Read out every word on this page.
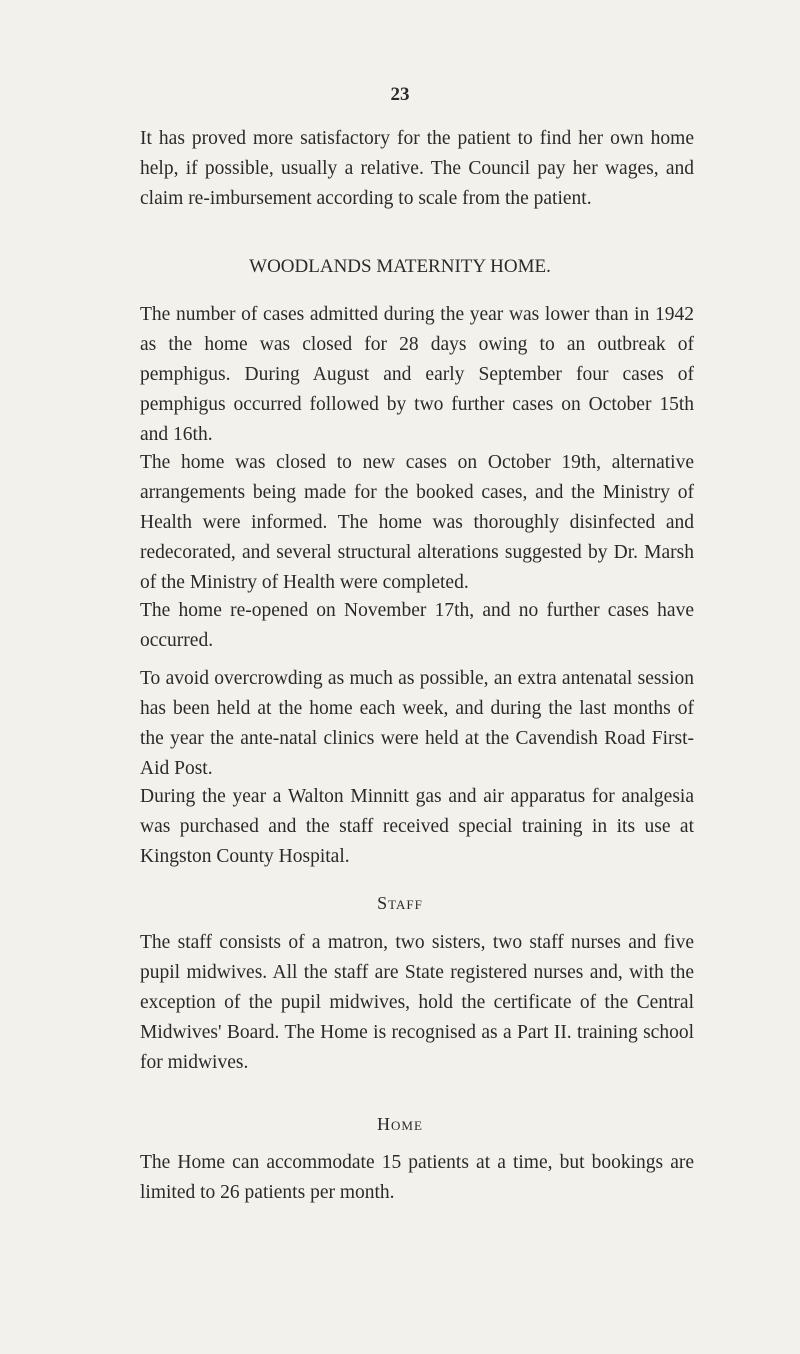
23

It has proved more satisfactory for the patient to find her own home help, if possible, usually a relative. The Council pay her wages, and claim re-imbursement according to scale from the patient.

WOODLANDS MATERNITY HOME.

The number of cases admitted during the year was lower than in 1942 as the home was closed for 28 days owing to an outbreak of pemphigus. During August and early September four cases of pemphigus occurred followed by two further cases on October 15th and 16th.

The home was closed to new cases on October 19th, alternative arrangements being made for the booked cases, and the Ministry of Health were informed. The home was thoroughly disinfected and redecorated, and several structural alterations suggested by Dr. Marsh of the Ministry of Health were completed.

The home re-opened on November 17th, and no further cases have occurred.

To avoid overcrowding as much as possible, an extra antenatal session has been held at the home each week, and during the last months of the year the ante-natal clinics were held at the Cavendish Road First-Aid Post.

During the year a Walton Minnitt gas and air apparatus for analgesia was purchased and the staff received special training in its use at Kingston County Hospital.

Staff

The staff consists of a matron, two sisters, two staff nurses and five pupil midwives. All the staff are State registered nurses and, with the exception of the pupil midwives, hold the certificate of the Central Midwives' Board. The Home is recognised as a Part II. training school for midwives.

Home

The Home can accommodate 15 patients at a time, but bookings are limited to 26 patients per month.
